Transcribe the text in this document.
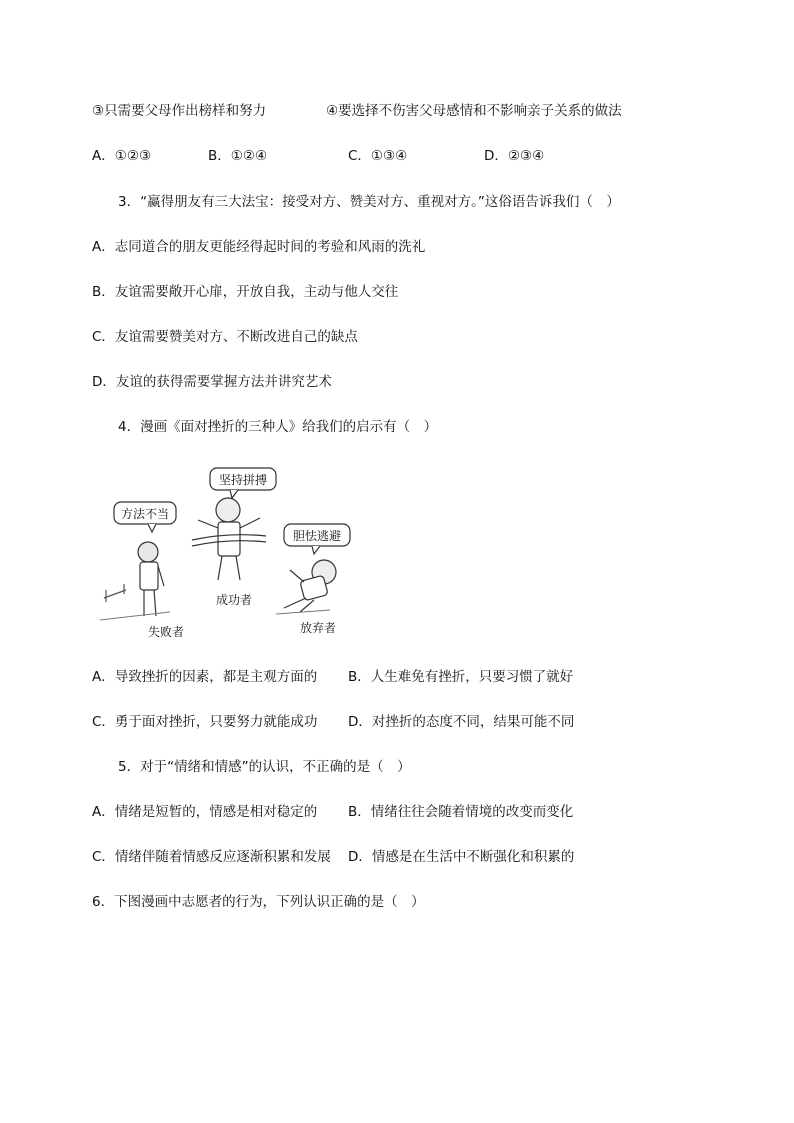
③只需要父母作出榜样和努力	④要选择不伤害父母感情和不影响亲子关系的做法
A．①②③	B．①②④	C．①③④	D．②③④
3．“赢得朋友有三大法宝：接受对方、赞美对方、重视对方。”这俗语告诉我们（　）
A．志同道合的朋友更能经得起时间的考验和风雨的洗礼
B．友谊需要敞开心扉，开放自我，主动与他人交往
C．友谊需要赞美对方、不断改进自己的缺点
D．友谊的获得需要掌握方法并讲究艺术
4．漫画《面对挫折的三种人》给我们的启示有（　）
方法不当
坚持拼搏
胆怯逃避
失败者
成功者
放弃者
A．导致挫折的因素，都是主观方面的 B．人生难免有挫折，只要习惯了就好
C．勇于面对挫折，只要努力就能成功 D．对挫折的态度不同，结果可能不同
5．对于“情绪和情感”的认识，不正确的是（　）
A．情绪是短暂的，情感是相对稳定的 B．情绪往往会随着情境的改变而变化
C．情绪伴随着情感反应逐渐积累和发展 D．情感是在生活中不断强化和积累的
6．下图漫画中志愿者的行为，下列认识正确的是（　）
